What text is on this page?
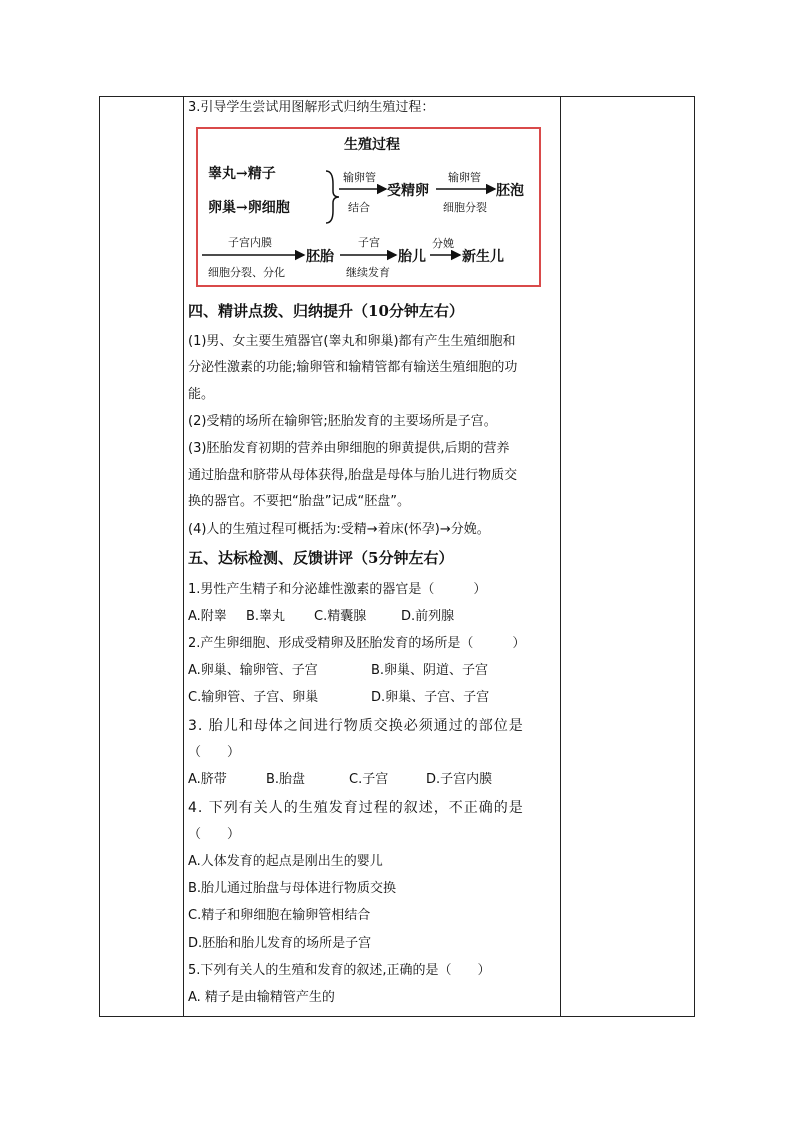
3.引导学生尝试用图解形式归纳生殖过程：
生殖过程
睾丸→精子
卵巢→卵细胞
输卵管
结合
受精卵
输卵管
细胞分裂
胚泡
子宫内膜
细胞分裂、分化
胚胎
子宫
继续发育
胎儿
分娩
新生儿
四、精讲点拨、归纳提升（10分钟左右）
(1)男、女主要生殖器官(睾丸和卵巢)都有产生生殖细胞和
分泌性激素的功能;输卵管和输精管都有输送生殖细胞的功
能。
(2)受精的场所在输卵管;胚胎发育的主要场所是子宫。
(3)胚胎发育初期的营养由卵细胞的卵黄提供,后期的营养
通过胎盘和脐带从母体获得,胎盘是母体与胎儿进行物质交
换的器官。不要把“胎盘”记成“胚盘”。
(4)人的生殖过程可概括为:受精→着床(怀孕)→分娩。
五、达标检测、反馈讲评（5分钟左右）
1.男性产生精子和分泌雄性激素的器官是（　　　）
A.附睾	B.睾丸	C.精囊腺	D.前列腺
2.产生卵细胞、形成受精卵及胚胎发育的场所是（　　　）
A.卵巢、输卵管、子宫	B.卵巢、阴道、子宫
C.输卵管、子宫、卵巢	D.卵巢、子宫、子宫
3. 胎儿和母体之间进行物质交换必须通过的部位是
（　　）
A.脐带	B.胎盘	C.子宫	D.子宫内膜
4. 下列有关人的生殖发育过程的叙述，不正确的是
（　　）
A.人体发育的起点是刚出生的婴儿
B.胎儿通过胎盘与母体进行物质交换
C.精子和卵细胞在输卵管相结合
D.胚胎和胎儿发育的场所是子宫
5.下列有关人的生殖和发育的叙述,正确的是（　　）
A. 精子是由输精管产生的
